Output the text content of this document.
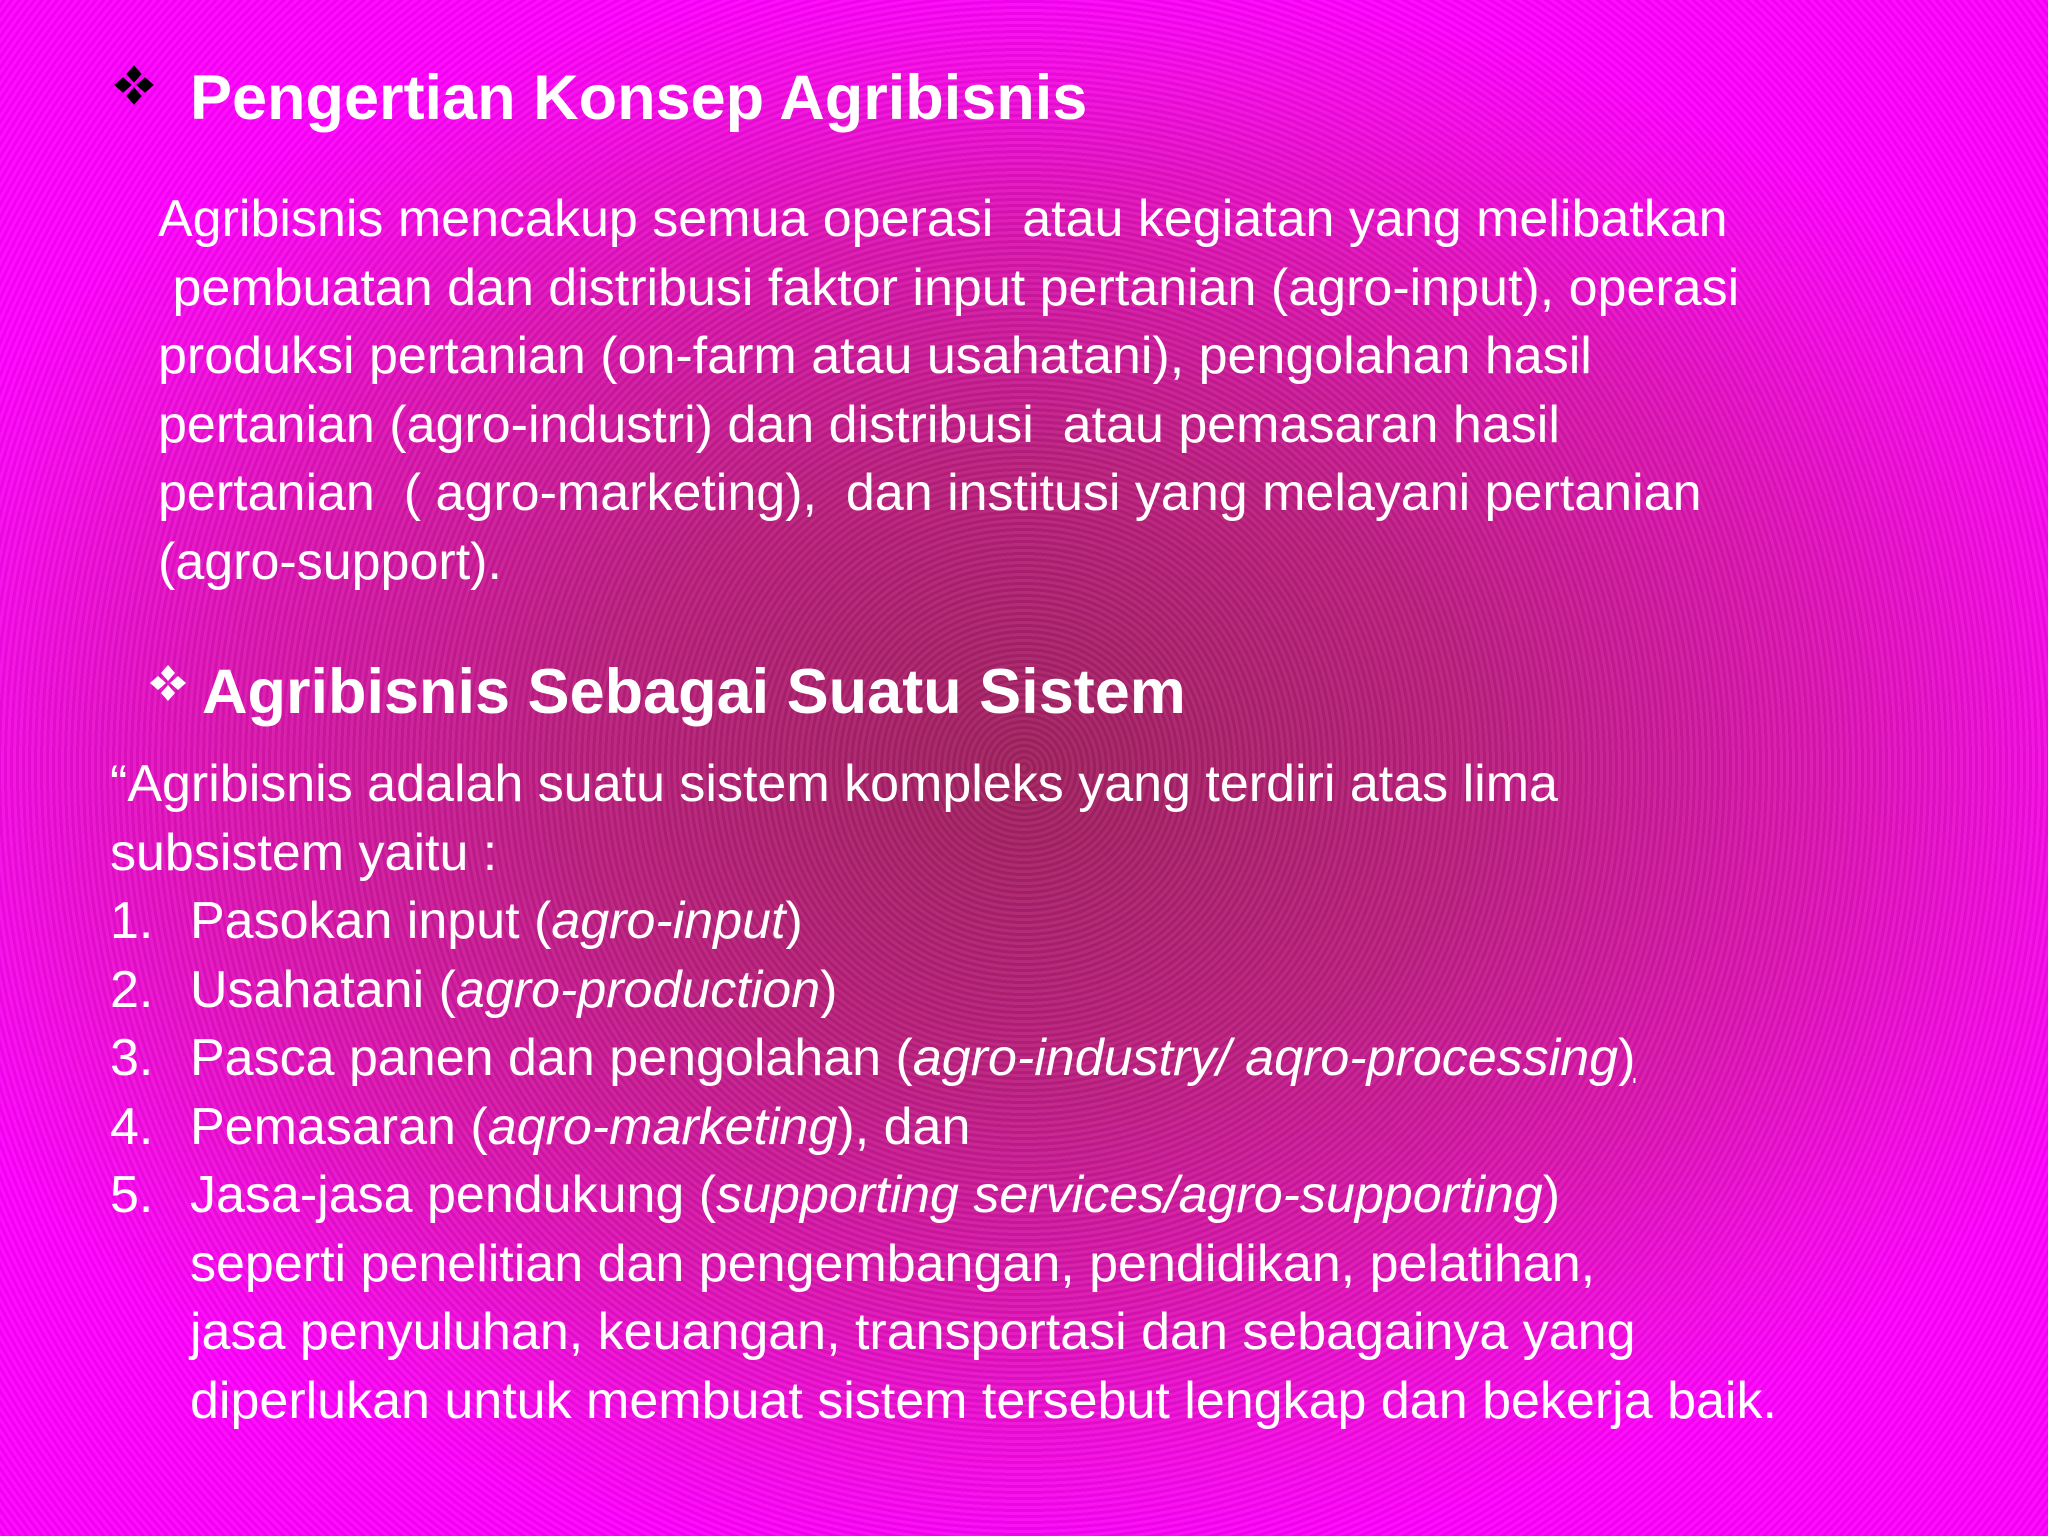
Pengertian Konsep Agribisnis
Agribisnis mencakup semua operasi  atau kegiatan yang melibatkan
pembuatan dan distribusi faktor input pertanian (agro-input), operasi
produksi pertanian (on-farm atau usahatani), pengolahan hasil
pertanian (agro-industri) dan distribusi  atau pemasaran hasil
pertanian  ( agro-marketing),  dan institusi yang melayani pertanian
(agro-support).
Agribisnis Sebagai Suatu Sistem
“Agribisnis adalah suatu sistem kompleks yang terdiri atas lima
subsistem yaitu :
1. Pasokan input (agro-input)
2. Usahatani (agro-production)
3. Pasca panen dan pengolahan (agro-industry/ aqro-processing)
4. Pemasaran (aqro-marketing), dan
5. Jasa-jasa pendukung (supporting services/agro-supporting)
seperti penelitian dan pengembangan, pendidikan, pelatihan,
jasa penyuluhan, keuangan, transportasi dan sebagainya yang
diperlukan untuk membuat sistem tersebut lengkap dan bekerja baik.
